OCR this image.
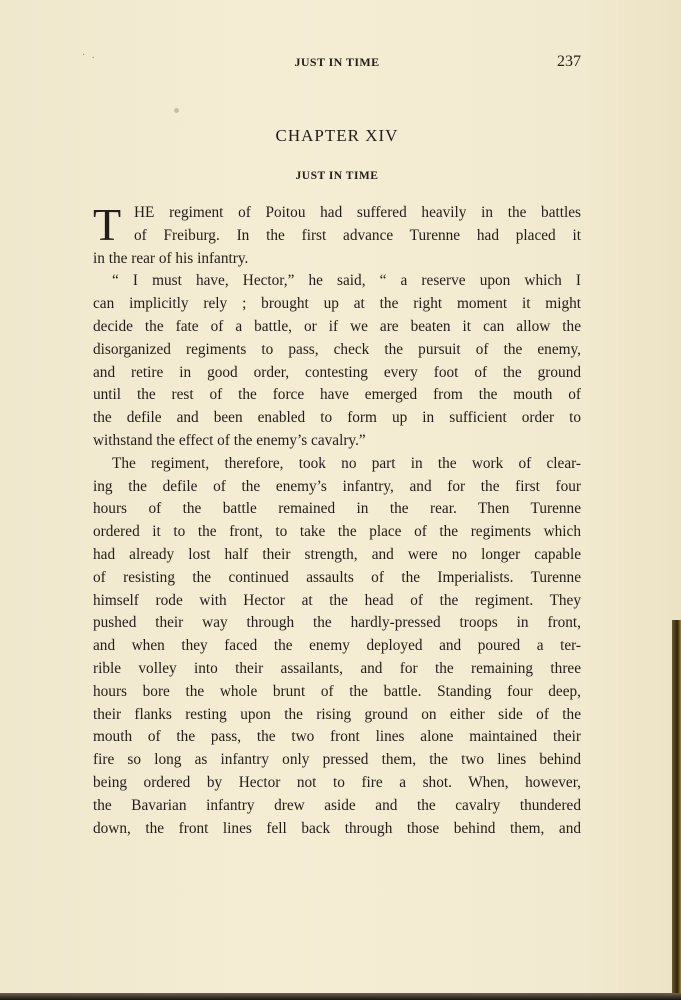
· .	JUST IN TIME	237
CHAPTER XIV
JUST IN TIME
T HE regiment of Poitou had suffered heavily in the battles
of Freiburg. In the first advance Turenne had placed it
in the rear of his infantry.
“ I must have, Hector,” he said, “ a reserve upon which I
can implicitly rely ; brought up at the right moment it might
decide the fate of a battle, or if we are beaten it can allow the
disorganized regiments to pass, check the pursuit of the enemy,
and retire in good order, contesting every foot of the ground
until the rest of the force have emerged from the mouth of
the defile and been enabled to form up in sufficient order to
withstand the effect of the enemy’s cavalry.”
The regiment, therefore, took no part in the work of clear-
ing the defile of the enemy’s infantry, and for the first four
hours of the battle remained in the rear. Then Turenne
ordered it to the front, to take the place of the regiments which
had already lost half their strength, and were no longer capable
of resisting the continued assaults of the Imperialists. Turenne
himself rode with Hector at the head of the regiment. They
pushed their way through the hardly-pressed troops in front,
and when they faced the enemy deployed and poured a ter-
rible volley into their assailants, and for the remaining three
hours bore the whole brunt of the battle. Standing four deep,
their flanks resting upon the rising ground on either side of the
mouth of the pass, the two front lines alone maintained their
fire so long as infantry only pressed them, the two lines behind
being ordered by Hector not to fire a shot. When, however,
the Bavarian infantry drew aside and the cavalry thundered
down, the front lines fell back through those behind them, and
